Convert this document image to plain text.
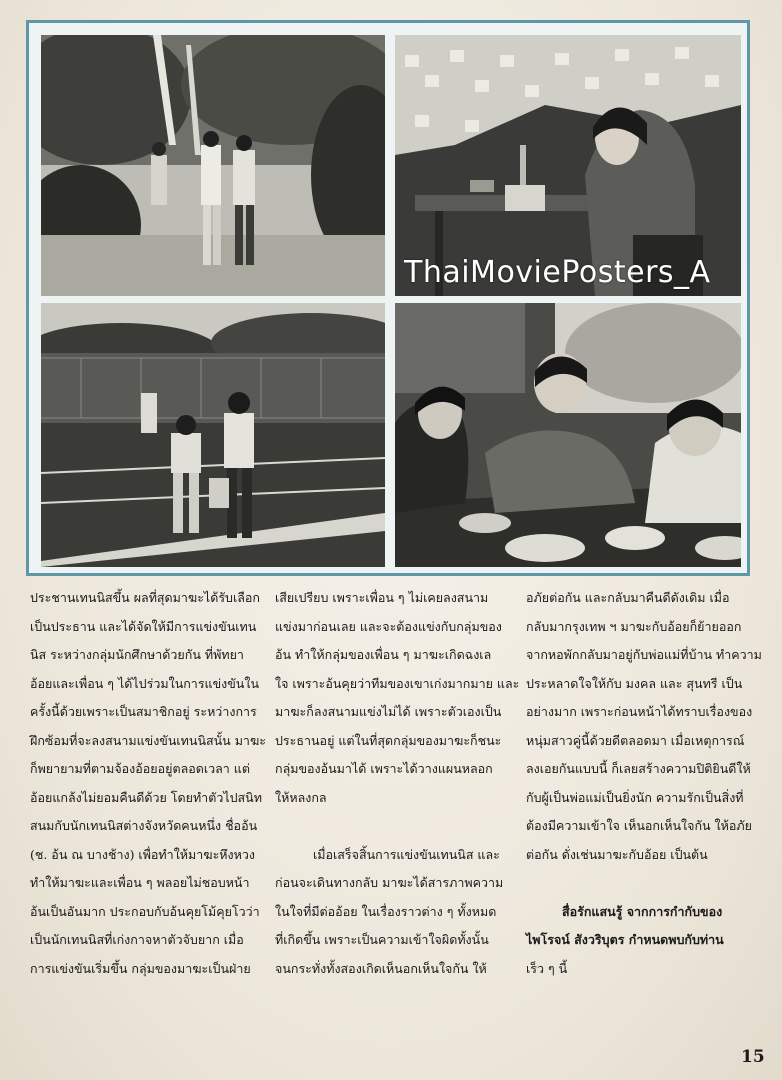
ThaiMoviePosters_A

ประชานเทนนิสขึ้น ผลที่สุดมาฆะได้รับเลือก

เป็นประธาน และได้จัดให้มีการแข่งขันเทน

นิส ระหว่างกลุ่มนักศึกษาด้วยกัน ที่พัทยา

อ้อยและเพื่อน ๆ ได้ไปร่วมในการแข่งขันใน

ครั้งนี้ด้วยเพราะเป็นสมาชิกอยู่ ระหว่างการ

ฝึกซ้อมที่จะลงสนามแข่งขันเทนนิสนั้น มาฆะ

ก็พยายามที่ตามจ้องอ้อยอยู่ตลอดเวลา แต่

อ้อยแกล้งไม่ยอมคืนดีด้วย โดยทำตัวไปสนิท

สนมกับนักเทนนิสต่างจังหวัดคนหนึ่ง ชื่ออ้น

(ช. อ้น ณ บางช้าง) เพื่อทำให้มาฆะหึงหวง

ทำให้มาฆะและเพื่อน ๆ พลอยไม่ชอบหน้า

อ้นเป็นอันมาก ประกอบกับอ้นคุยโม้คุยโวว่า

เป็นนักเทนนิสที่เก่งกาจหาตัวจับยาก เมื่อ

การแข่งขันเริ่มขึ้น กลุ่มของมาฆะเป็นฝ่าย

เสียเปรียบ เพราะเพื่อน ๆ ไม่เคยลงสนาม

แข่งมาก่อนเลย และจะต้องแข่งกับกลุ่มของ

อ้น ทำให้กลุ่มของเพื่อน ๆ มาฆะเกิดฉงเล

ใจ เพราะอ้นคุยว่าทีมของเขาเก่งมากมาย และ

มาฆะก็ลงสนามแข่งไม่ได้ เพราะตัวเองเป็น

ประธานอยู่ แต่ในที่สุดกลุ่มของมาฆะก็ชนะ

กลุ่มของอ้นมาได้ เพราะได้วางแผนหลอก

ให้หลงกล

เมื่อเสร็จสิ้นการแข่งขันเทนนิส และ

ก่อนจะเดินทางกลับ มาฆะได้สารภาพความ

ในใจที่มีต่ออ้อย ในเรื่องราวต่าง ๆ ทั้งหมด

ที่เกิดขึ้น เพราะเป็นความเข้าใจผิดทั้งนั้น

จนกระทั่งทั้งสองเกิดเห็นอกเห็นใจกัน ให้

อภัยต่อกัน และกลับมาคืนดีดังเดิม เมื่อ

กลับมากรุงเทพ ฯ มาฆะกับอ้อยก็ย้ายออก

จากหอพักกลับมาอยู่กับพ่อแม่ที่บ้าน ทำความ

ประหลาดใจให้กับ มงคล และ สุนทรี เป็น

อย่างมาก เพราะก่อนหน้าได้ทราบเรื่องของ

หนุ่มสาวคู่นี้ด้วยดีตลอดมา เมื่อเหตุการณ์

ลงเอยกันแบบนี้ ก็เลยสร้างความปิติยินดีให้

กับผู้เป็นพ่อแม่เป็นยิ่งนัก ความรักเป็นสิ่งที่

ต้องมีความเข้าใจ เห็นอกเห็นใจกัน ให้อภัย

ต่อกัน ดั่งเช่นมาฆะกับอ้อย เป็นต้น

สื่อรักแสนรู้ จากการกำกับของ

ไพโรจน์ สังวริบุตร กำหนดพบกับท่าน

เร็ว ๆ นี้

15
